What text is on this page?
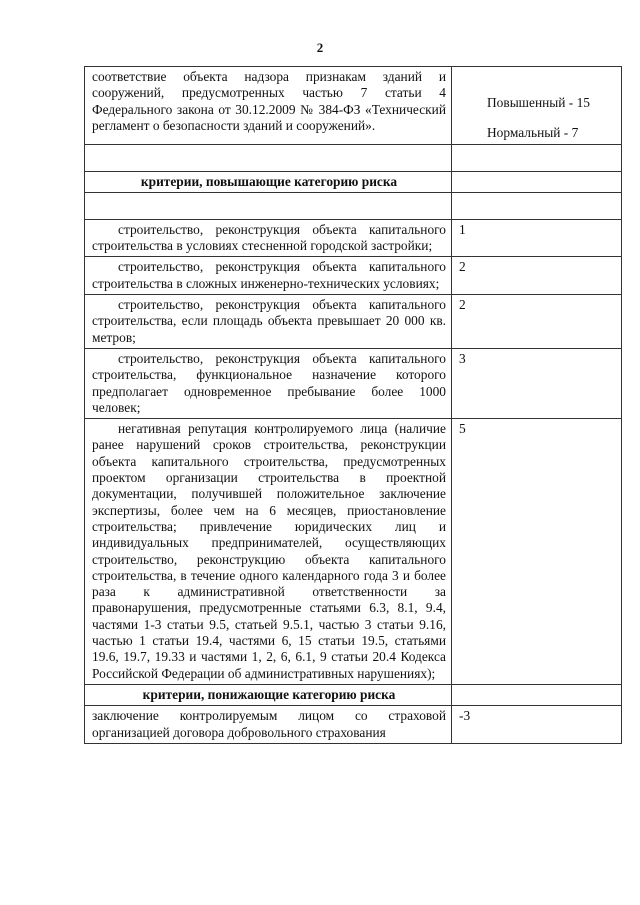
2
соответствие объекта надзора признакам зданий и сооружений, предусмотренных частью 7 статьи 4 Федерального закона от 30.12.2009 № 384-ФЗ «Технический регламент о безопасности зданий и сооружений».	Повышенный - 15
Нормальный - 7

критерии, повышающие категорию риска	

строительство, реконструкция объекта капитального строительства в условиях стесненной городской застройки;	1

строительство, реконструкция объекта капитального строительства в сложных инженерно-технических условиях;	2

строительство, реконструкция объекта капитального строительства, если площадь объекта превышает 20 000 кв. метров;	2

строительство, реконструкция объекта капитального строительства, функциональное назначение которого предполагает одновременное пребывание более 1000 человек;	3

негативная репутация контролируемого лица (наличие ранее нарушений сроков строительства, реконструкции объекта капитального строительства, предусмотренных проектом организации строительства в проектной документации, получившей положительное заключение экспертизы, более чем на 6 месяцев, приостановление строительства; привлечение юридических лиц и индивидуальных предпринимателей, осуществляющих строительство, реконструкцию объекта капитального строительства, в течение одного календарного года 3 и более раза к административной ответственности за правонарушения, предусмотренные статьями 6.3, 8.1, 9.4, частями 1-3 статьи 9.5, статьей 9.5.1, частью 3 статьи 9.16, частью 1 статьи 19.4, частями 6, 15 статьи 19.5, статьями 19.6, 19.7, 19.33 и частями 1, 2, 6, 6.1, 9 статьи 20.4 Кодекса Российской Федерации об административных нарушениях);	5
критерии, понижающие категорию риска	
заключение контролируемым лицом со страховой организацией договора добровольного страхования	-3
